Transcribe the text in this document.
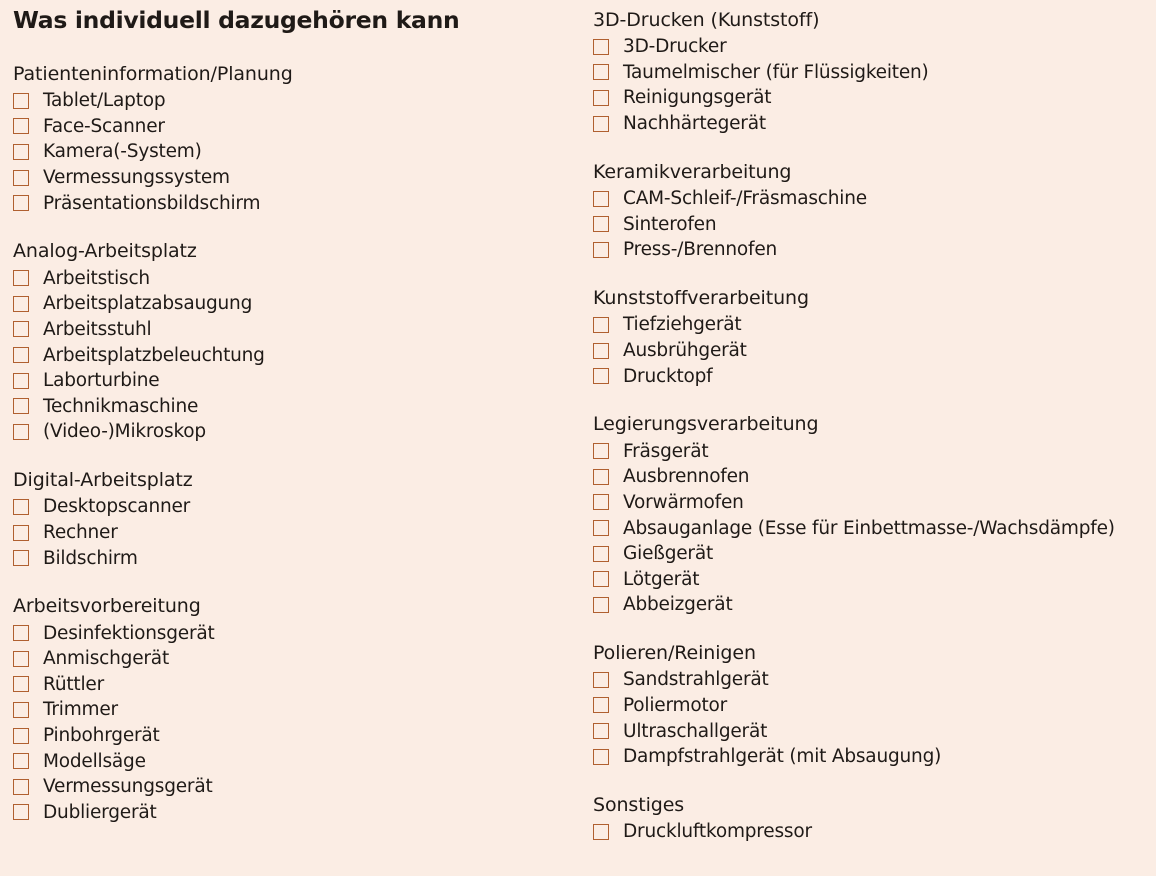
Was individuell dazugehören kann
Patienteninformation/Planung
Tablet/Laptop
Face-Scanner
Kamera(-System)
Vermessungssystem
Präsentationsbildschirm
Analog-Arbeitsplatz
Arbeitstisch
Arbeitsplatzabsaugung
Arbeitsstuhl
Arbeitsplatzbeleuchtung
Laborturbine
Technikmaschine
(Video-)Mikroskop
Digital-Arbeitsplatz
Desktopscanner
Rechner
Bildschirm
Arbeitsvorbereitung
Desinfektionsgerät
Anmischgerät
Rüttler
Trimmer
Pinbohrgerät
Modellsäge
Vermessungsgerät
Dubliergerät
3D-Drucken (Kunststoff)
3D-Drucker
Taumelmischer (für Flüssigkeiten)
Reinigungsgerät
Nachhärtegerät
Keramikverarbeitung
CAM-Schleif-/Fräsmaschine
Sinterofen
Press-/Brennofen
Kunststoffverarbeitung
Tiefziehgerät
Ausbrühgerät
Drucktopf
Legierungsverarbeitung
Fräsgerät
Ausbrennofen
Vorwärmofen
Absauganlage (Esse für Einbettmasse-/Wachsdämpfe)
Gießgerät
Lötgerät
Abbeizgerät
Polieren/Reinigen
Sandstrahlgerät
Poliermotor
Ultraschallgerät
Dampfstrahlgerät (mit Absaugung)
Sonstiges
Druckluftkompressor
